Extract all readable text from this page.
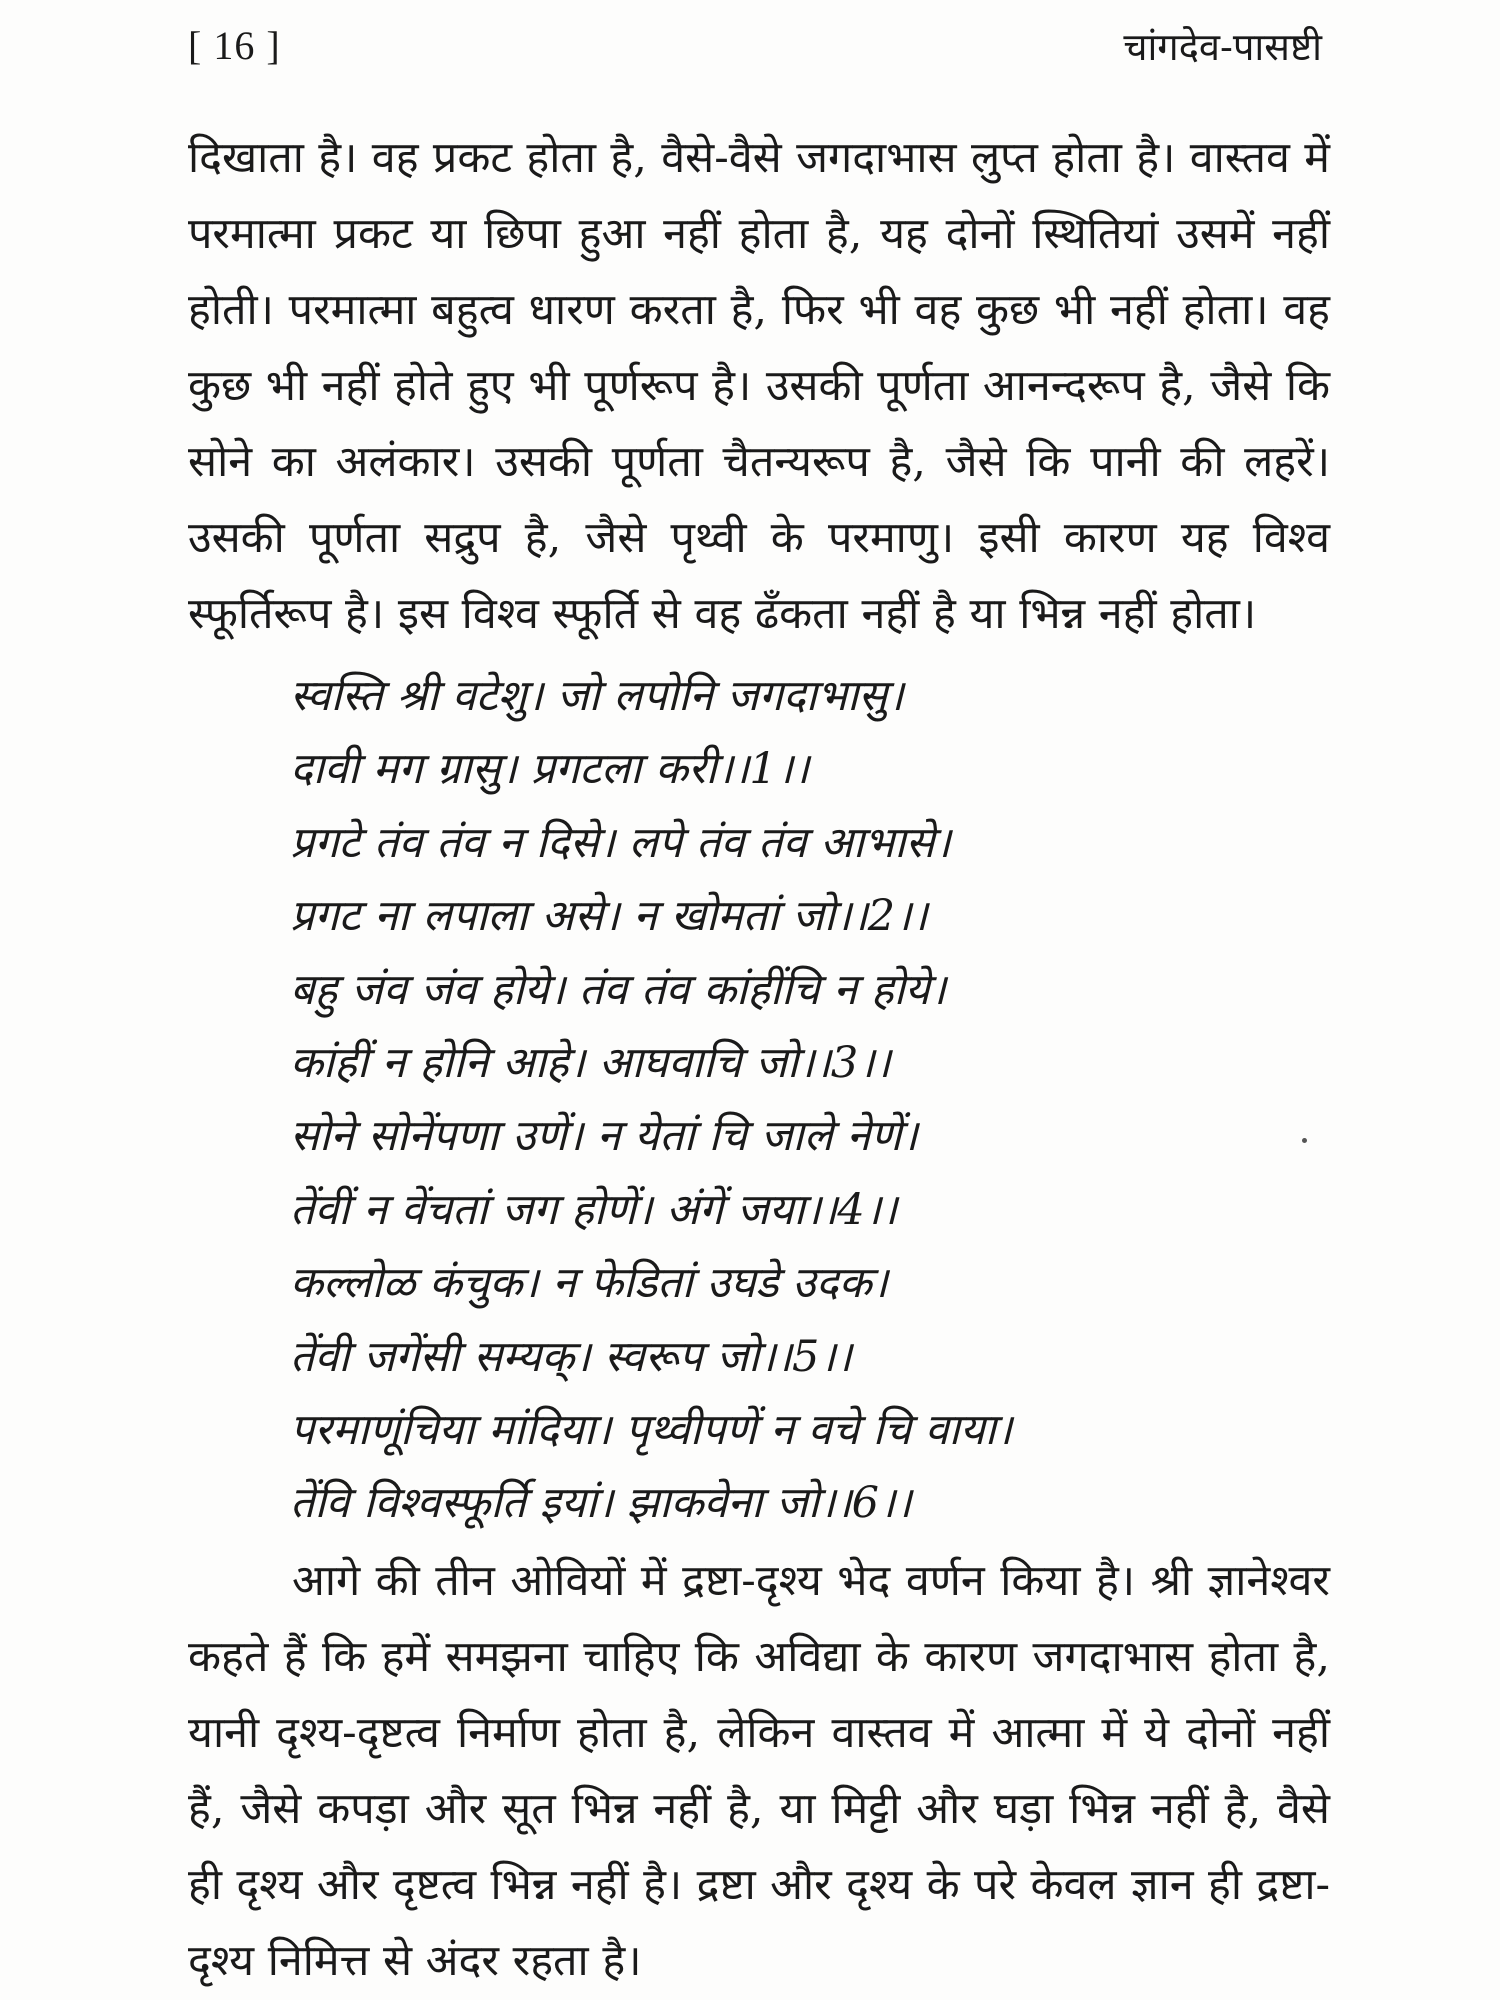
[ 16 ]	चांगदेव-पासष्टी

दिखाता है। वह प्रकट होता है, वैसे-वैसे जगदाभास लुप्त होता है। वास्तव में परमात्मा प्रकट या छिपा हुआ नहीं होता है, यह दोनों स्थितियां उसमें नहीं होती। परमात्मा बहुत्व धारण करता है, फिर भी वह कुछ भी नहीं होता। वह कुछ भी नहीं होते हुए भी पूर्णरूप है। उसकी पूर्णता आनन्दरूप है, जैसे कि सोने का अलंकार। उसकी पूर्णता चैतन्यरूप है, जैसे कि पानी की लहरें। उसकी पूर्णता सद्रुप है, जैसे पृथ्वी के परमाणु। इसी कारण यह विश्व स्फूर्तिरूप है। इस विश्व स्फूर्ति से वह ढँकता नहीं है या भिन्न नहीं होता।

स्वस्ति श्री वटेशु। जो लपोनि जगदाभासु।

दावी मग ग्रासु। प्रगटला करी।।1।।

प्रगटे तंव तंव न दिसे। लपे तंव तंव आभासे।

प्रगट ना लपाला असे। न खोमतां जो।।2।।

बहु जंव जंव होये। तंव तंव कांहींचि न होये।

कांहीं न होनि आहे। आघवाचि जो।।3।।

सोने सोनेंपणा उणें। न येतां चि जाले नेणें।

तेंवीं न वेंचतां जग होणें। अंगें जया।।4।।

कल्लोळ कंचुक। न फेडितां उघडे उदक।

तेंवी जगेंसी सम्यक्। स्वरूप जो।।5।।

परमाणूंचिया मांदिया। पृथ्वीपणें न वचे चि वाया।

तेंवि विश्वस्फूर्ति इयां। झाकवेना जो।।6।।

आगे की तीन ओवियों में द्रष्टा-दृश्य भेद वर्णन किया है। श्री ज्ञानेश्वर कहते हैं कि हमें समझना चाहिए कि अविद्या के कारण जगदाभास होता है, यानी दृश्य-दृष्टत्व निर्माण होता है, लेकिन वास्तव में आत्मा में ये दोनों नहीं हैं, जैसे कपड़ा और सूत भिन्न नहीं है, या मिट्टी और घड़ा भिन्न नहीं है, वैसे ही दृश्य और दृष्टत्व भिन्न नहीं है। द्रष्टा और दृश्य के परे केवल ज्ञान ही द्रष्टा-दृश्य निमित्त से अंदर रहता है।
